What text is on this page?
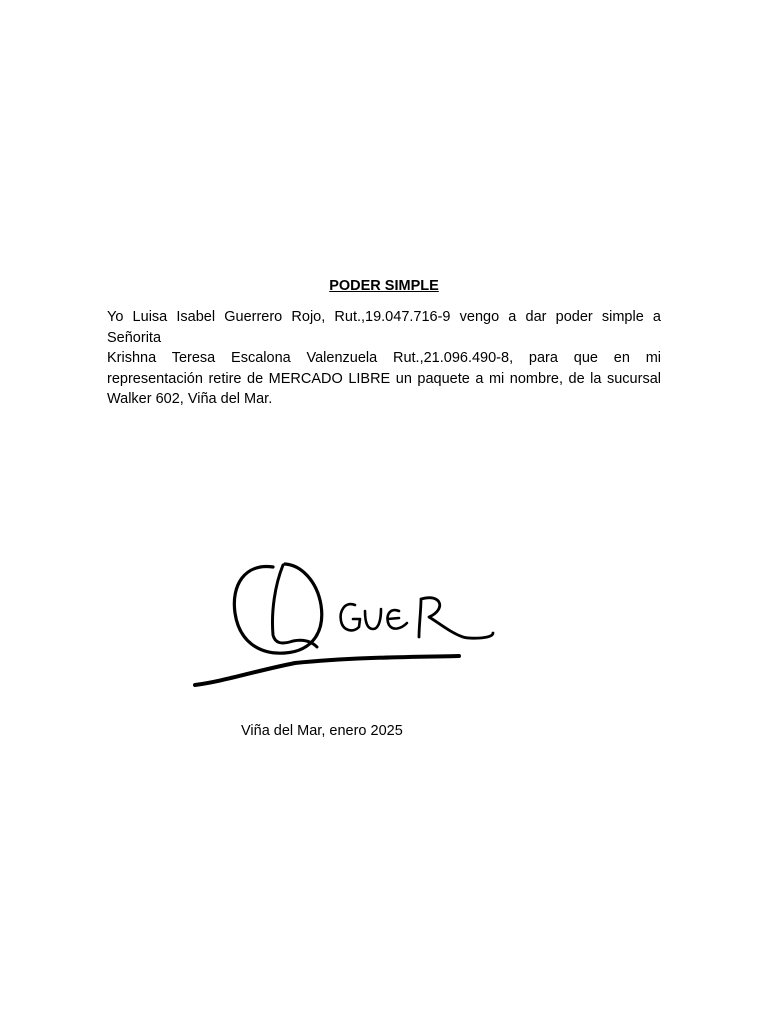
PODER SIMPLE

Yo Luisa Isabel Guerrero Rojo, Rut.,19.047.716-9 vengo a dar poder simple a Señorita

Krishna Teresa Escalona Valenzuela Rut.,21.096.490-8, para que en mi representación retire de MERCADO LIBRE un paquete a mi nombre, de la sucursal Walker 602, Viña del Mar.

Viña del Mar, enero 2025
